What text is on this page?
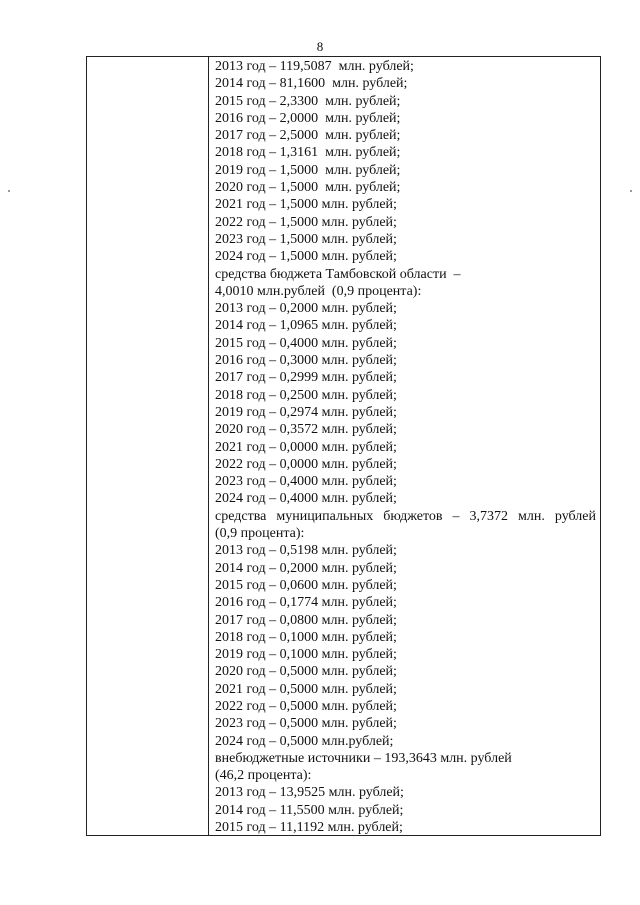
8
2013 год – 119,5087  млн. рублей;
2014 год – 81,1600  млн. рублей;
2015 год – 2,3300  млн. рублей;
2016 год – 2,0000  млн. рублей;
2017 год – 2,5000  млн. рублей;
2018 год – 1,3161  млн. рублей;
2019 год – 1,5000  млн. рублей;
2020 год – 1,5000  млн. рублей;
2021 год – 1,5000 млн. рублей;
2022 год – 1,5000 млн. рублей;
2023 год – 1,5000 млн. рублей;
2024 год – 1,5000 млн. рублей;
средства бюджета Тамбовской области  –
4,0010 млн.рублей  (0,9 процента):
2013 год – 0,2000 млн. рублей;
2014 год – 1,0965 млн. рублей;
2015 год – 0,4000 млн. рублей;
2016 год – 0,3000 млн. рублей;
2017 год – 0,2999 млн. рублей;
2018 год – 0,2500 млн. рублей;
2019 год – 0,2974 млн. рублей;
2020 год – 0,3572 млн. рублей;
2021 год – 0,0000 млн. рублей;
2022 год – 0,0000 млн. рублей;
2023 год – 0,4000 млн. рублей;
2024 год – 0,4000 млн. рублей;
средства муниципальных бюджетов – 3,7372 млн. рублей
(0,9 процента):
2013 год – 0,5198 млн. рублей;
2014 год – 0,2000 млн. рублей;
2015 год – 0,0600 млн. рублей;
2016 год – 0,1774 млн. рублей;
2017 год – 0,0800 млн. рублей;
2018 год – 0,1000 млн. рублей;
2019 год – 0,1000 млн. рублей;
2020 год – 0,5000 млн. рублей;
2021 год – 0,5000 млн. рублей;
2022 год – 0,5000 млн. рублей;
2023 год – 0,5000 млн. рублей;
2024 год – 0,5000 млн.рублей;
внебюджетные источники – 193,3643 млн. рублей
(46,2 процента):
2013 год – 13,9525 млн. рублей;
2014 год – 11,5500 млн. рублей;
2015 год – 11,1192 млн. рублей;
